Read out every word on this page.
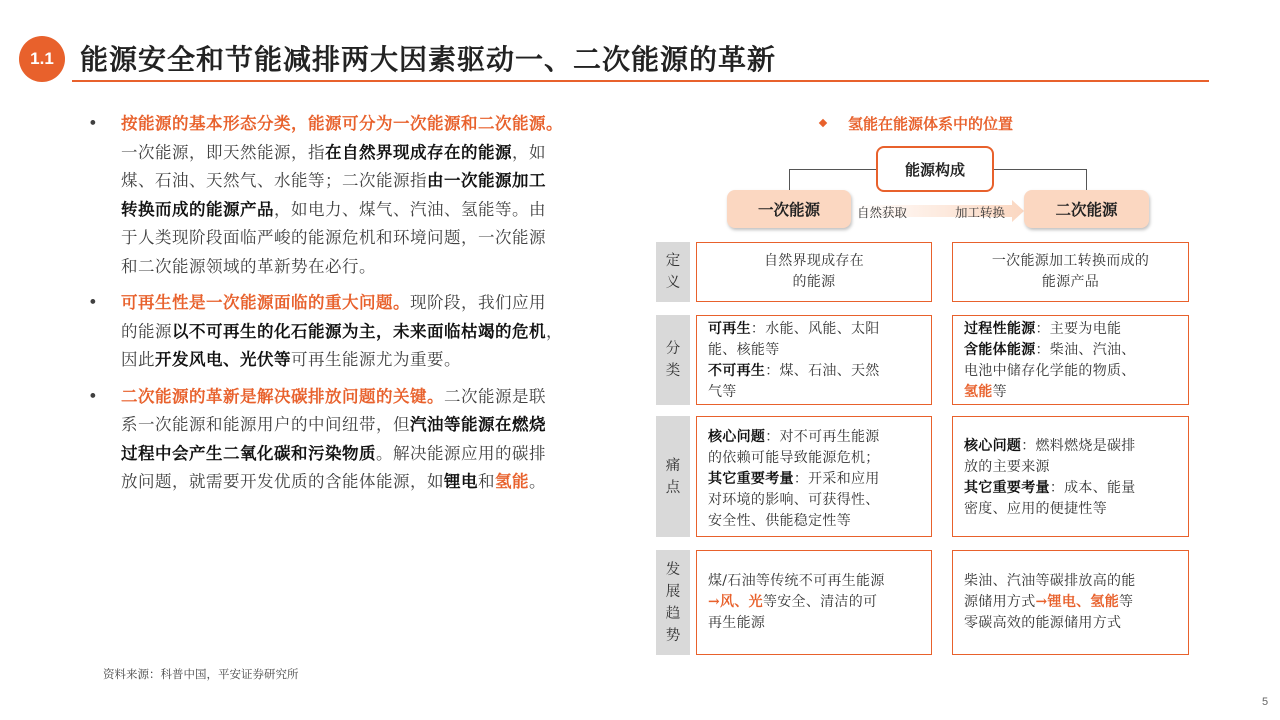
1.1 能源安全和节能减排两大因素驱动一、二次能源的革新
• 按能源的基本形态分类，能源可分为一次能源和二次能源。
一次能源，即天然能源，指在自然界现成存在的能源，如
煤、石油、天然气、水能等；二次能源指由一次能源加工
转换而成的能源产品，如电力、煤气、汽油、氢能等。由
于人类现阶段面临严峻的能源危机和环境问题，一次能源
和二次能源领域的革新势在必行。
• 可再生性是一次能源面临的重大问题。现阶段，我们应用
的能源以不可再生的化石能源为主，未来面临枯竭的危机，
因此开发风电、光伏等可再生能源尤为重要。
• 二次能源的革新是解决碳排放问题的关键。二次能源是联
系一次能源和能源用户的中间纽带，但汽油等能源在燃烧
过程中会产生二氧化碳和污染物质。解决能源应用的碳排
放问题，就需要开发优质的含能体能源，如锂电和氢能。
氢能在能源体系中的位置
能源构成
一次能源	二次能源
自然获取	加工转换
定义
自然界现成存在
的能源
一次能源加工转换而成的
能源产品
分类
可再生：水能、风能、太阳
能、核能等
不可再生：煤、石油、天然
气等
过程性能源：主要为电能
含能体能源：柴油、汽油、
电池中储存化学能的物质、
氢能等
痛点
核心问题：对不可再生能源
的依赖可能导致能源危机；
其它重要考量：开采和应用
对环境的影响、可获得性、
安全性、供能稳定性等
核心问题：燃料燃烧是碳排
放的主要来源
其它重要考量：成本、能量
密度、应用的便捷性等
发展趋势
煤/石油等传统不可再生能源
→风、光等安全、清洁的可
再生能源
柴油、汽油等碳排放高的能
源储用方式→锂电、氢能等
零碳高效的能源储用方式
资料来源：科普中国，平安证券研究所
5
